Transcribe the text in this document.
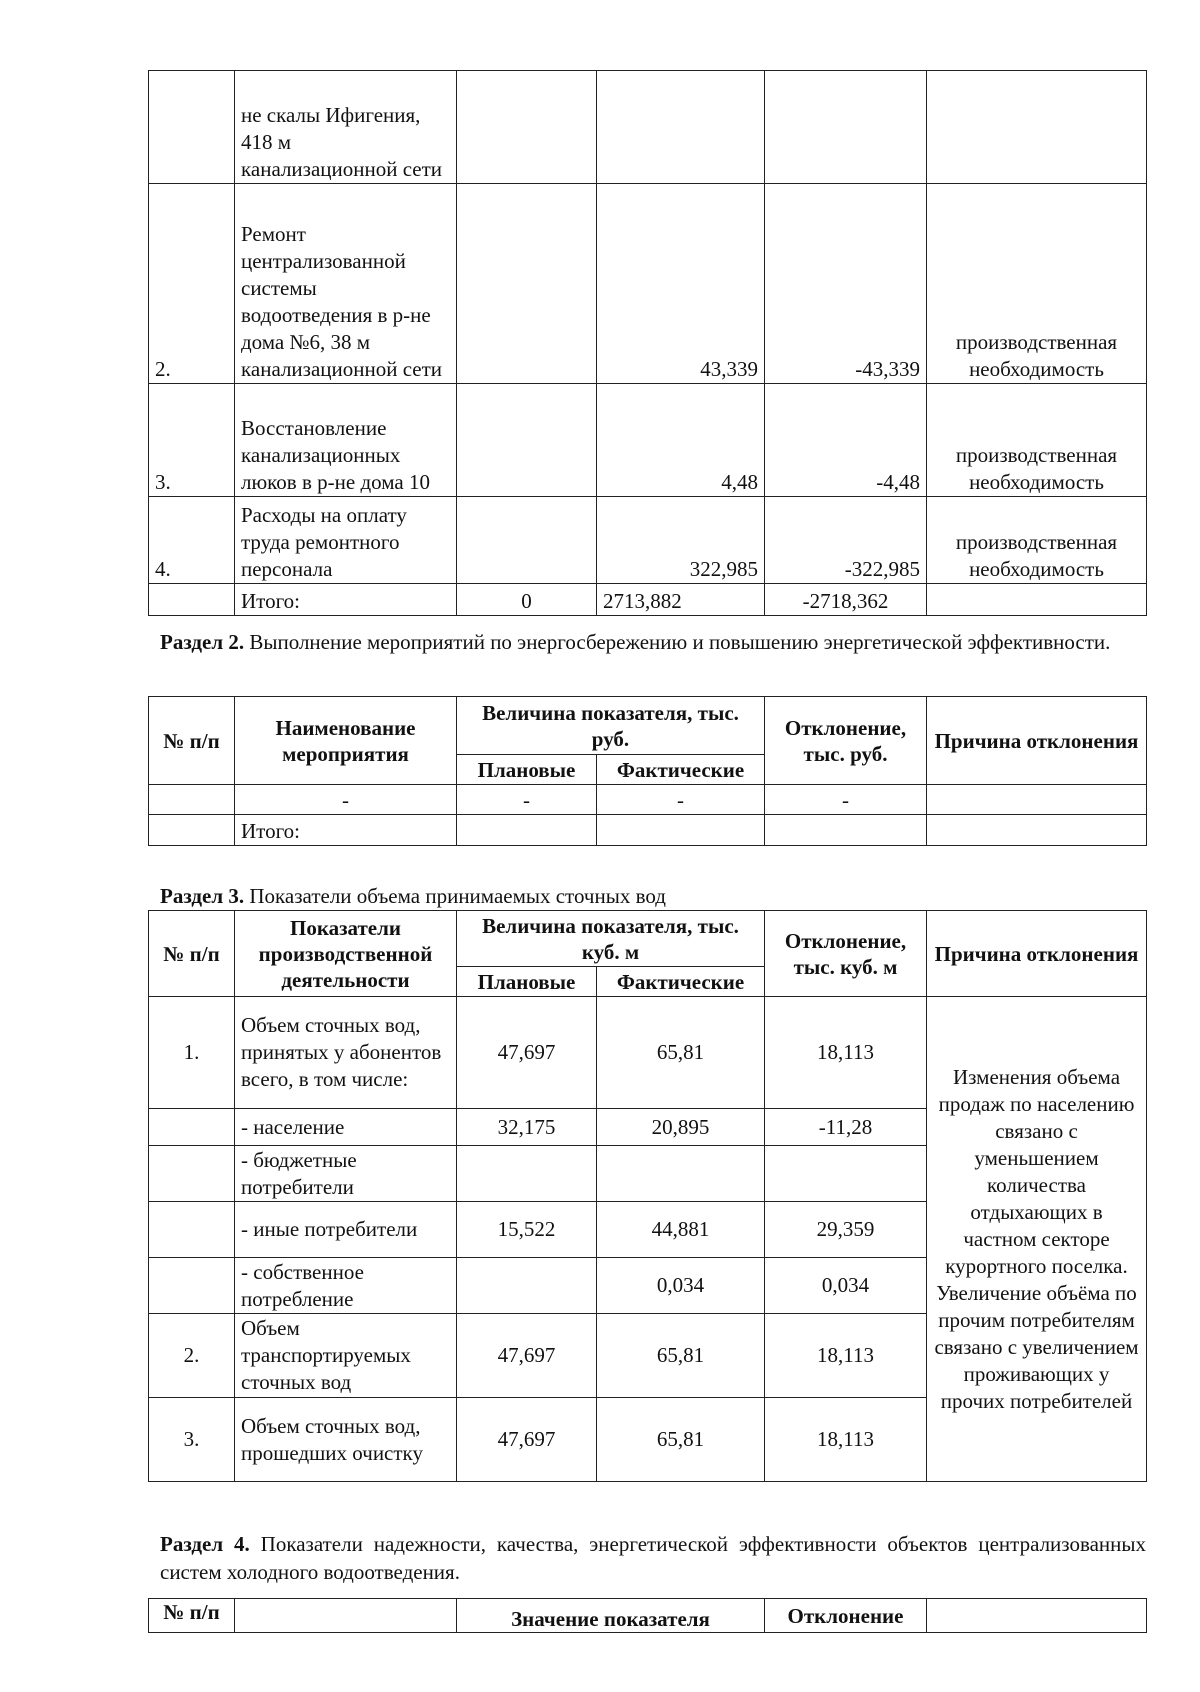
	не скалы Ифигения, 418 м канализационной сети				
2.	Ремонт централизованной системы водоотведения в р-не дома №6, 38 м канализационной сети		43,339	-43,339	производственная необходимость
3.	Восстановление канализационных люков в р-не дома 10		4,48	-4,48	производственная необходимость
4.	Расходы на оплату труда ремонтного персонала		322,985	-322,985	производственная необходимость
	Итого:	0	2713,882	-2718,362	
Раздел 2. Выполнение мероприятий по энергосбережению и повышению энергетической эффективности.
№ п/п	Наименование мероприятия	Величина показателя, тыс. руб.		Отклонение, тыс. руб.	Причина отклонения
		Плановые	Фактические		
	-	-	-	-	
	Итого:				
Раздел 3. Показатели объема принимаемых сточных вод
№ п/п	Показатели производственной деятельности	Величина показателя, тыс. куб. м		Отклонение, тыс. куб. м	Причина отклонения
		Плановые	Фактические		
1.	Объем сточных вод, принятых у абонентов всего, в том числе:	47,697	65,81	18,113	Изменения объема продаж по населению связано с уменьшением количества отдыхающих в частном секторе курортного поселка. Увеличение объёма по прочим потребителям связано с увеличением проживающих у прочих потребителей
	- население	32,175	20,895	-11,28	
	- бюджетные потребители				
	- иные потребители	15,522	44,881	29,359	
	- собственное потребление		0,034	0,034	
2.	Объем транспортируемых сточных вод	47,697	65,81	18,113	
3.	Объем сточных вод, прошедших очистку	47,697	65,81	18,113	
Раздел 4. Показатели надежности, качества, энергетической эффективности объектов централизованных систем холодного водоотведения.
№ п/п		Значение показателя	Отклонение	
